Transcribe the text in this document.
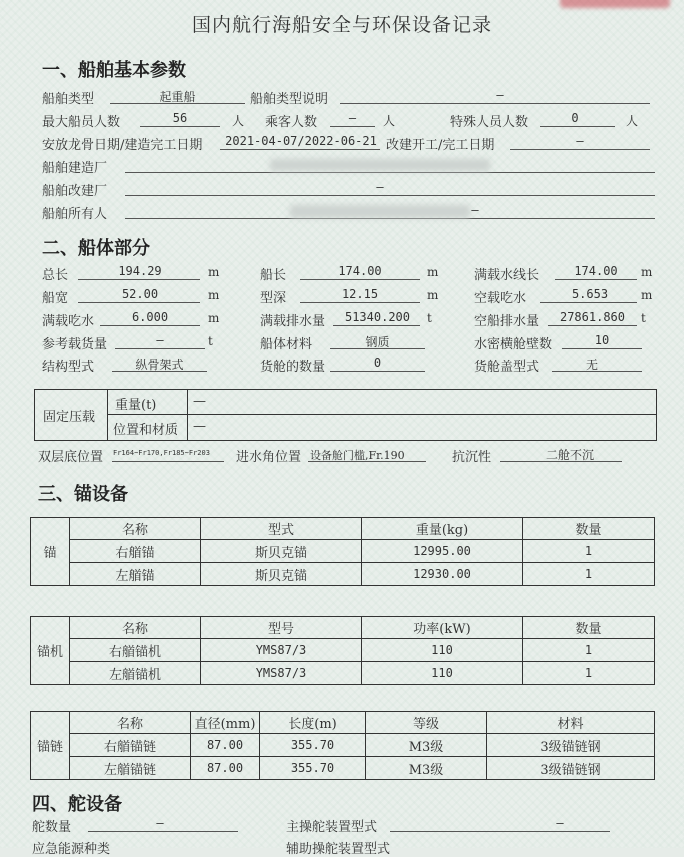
国内航行海船安全与环保设备记录
一、船舶基本参数
船舶类型	起重船	船舶类型说明	—
最大船员人数	56	人 乘客人数	—	人	特殊人员人数	0	人
安放龙骨日期/建造完工日期 2021-04-07/2022-06-21 改建开工/完工日期	—
船舶建造厂
船舶改建厂	—
船舶所有人	—
二、船体部分
总长	194.29	m	船长	174.00	m	满载水线长	174.00	m
船宽	52.00	m	型深	12.15	m	空载吃水	5.653	m
满载吃水	6.000	m	满载排水量	51340.200	t	空船排水量	27861.860	t
参考载货量	—	t	船体材料	钢质	水密横舱壁数	10
结构型式	纵骨架式	货舱的数量	0	货舱盖型式	无
固定压载
重量(t)	—
位置和材质 —
双层底位置 Fr164~Fr170,Fr185~Fr203 进水角位置 设备舱门槛,Fr.190	抗沉性	二舱不沉
三、锚设备
锚	名称	型式	重量(kg)	数量
	右艏锚	斯贝克锚	12995.00	1
	左艏锚	斯贝克锚	12930.00	1
锚机	名称	型号	功率(kW)	数量
	右艏锚机	YMS87/3	110	1
	左艏锚机	YMS87/3	110	1
锚链	名称	直径(mm)	长度(m)	等级	材料
	右艏锚链	87.00	355.70	M3级	3级锚链钢
	左艏锚链	87.00	355.70	M3级	3级锚链钢
四、舵设备
舵数量	—	主操舵装置型式	—
应急能源种类	辅助操舵装置型式
